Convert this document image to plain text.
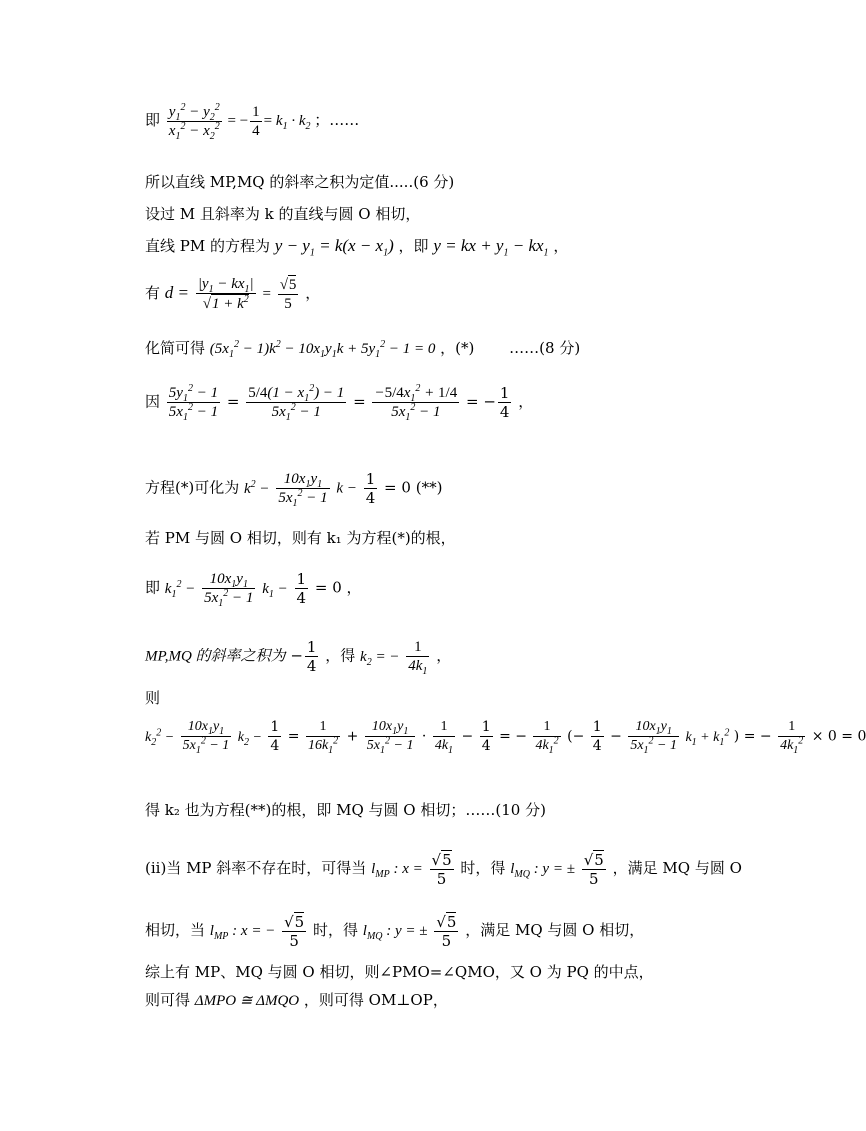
即 $\frac{y_1^2 - y_2^2}{x_1^2 - x_2^2}$ = − $\frac{1}{4} = k_1 \cdot k_2$ ；……
所以直线 MP,MQ 的斜率之积为定值.....(6 分)
设过 M 且斜率为 k 的直线与圆 O 相切，
直线 PM 的方程为 $y - y_1 = k(x - x_1)$ ，即 y = kx + $y_1 - kx_1$ ，
有 $d = \frac{|y_1 - kx_1|}{√1 + k^2} = \frac{√5}{5}$ ，
化简可得 $(5x_1^2 - 1)k^2 - 10x_1y_1k + 5y_1^2 - 1 = 0$ ，(*) ……(8 分)
因 $\frac{5y_1^2 - 1}{5x_1^2 - 1} = \frac{5/4(1 - x_1^2) - 1}{5x_1^2 - 1} = \frac{-5/4x_1^2 + 1/4}{5x_1^2 - 1}$ = − $\frac{1}{4}$ ，
方程(*)可化为 $k^2 - \frac{10x_1y_1}{5x_1^2 - 1}$ $k - \frac{1}{4} = 0$ (**)
若 PM 与圆 O 相切，则有 k₁ 为方程(*)的根，
即 $k_1^2 - \frac{10x_1y_1}{5x_1^2 - 1} k_1 - \frac{1}{4} = 0$ ，
MP,MQ 的斜率之积为 − $\frac{1}{4}$ ，得 $k_2$ = − $\frac{1}{4k_1}$ ，
则
$k_2^2 - \frac{10x_1y_1}{5x_1^2 - 1} k_2 - \frac{1}{4} = \frac{1}{16k_1^2} + \frac{10x_1y_1}{5x_1^2 - 1} \cdot \frac{1}{4k_1} - \frac{1}{4}$ = − $\frac{1}{4k_1^2}$ (− $\frac{1}{4} - \frac{10x_1y_1}{5x_1^2 - 1} k_1 + k_1^2$ ) = − $\frac{1}{4k_1^2} \times 0 = 0$
得 k₂ 也为方程(**)的根，即 MQ 与圆 O 相切；……(10 分)
(ii)当 MP 斜率不存在时，可得当 $l_{MP}$ : $x = \frac{√5}{5}$ 时，得 $l_{MQ}$ : y = ± $\frac{√5}{5}$ ，满足 MQ 与圆 O
相切，当 $l_{MP}$ : x = − $\frac{√5}{5}$ 时，得 $l_{MQ}$ : y = ± $\frac{√5}{5}$ ，满足 MQ 与圆 O 相切，
综上有 MP、MQ 与圆 O 相切，则∠PMO=∠QMO，又 O 为 PQ 的中点，
则可得 ΔMPO ≅ ΔMQO ，则可得 OM⊥OP，
